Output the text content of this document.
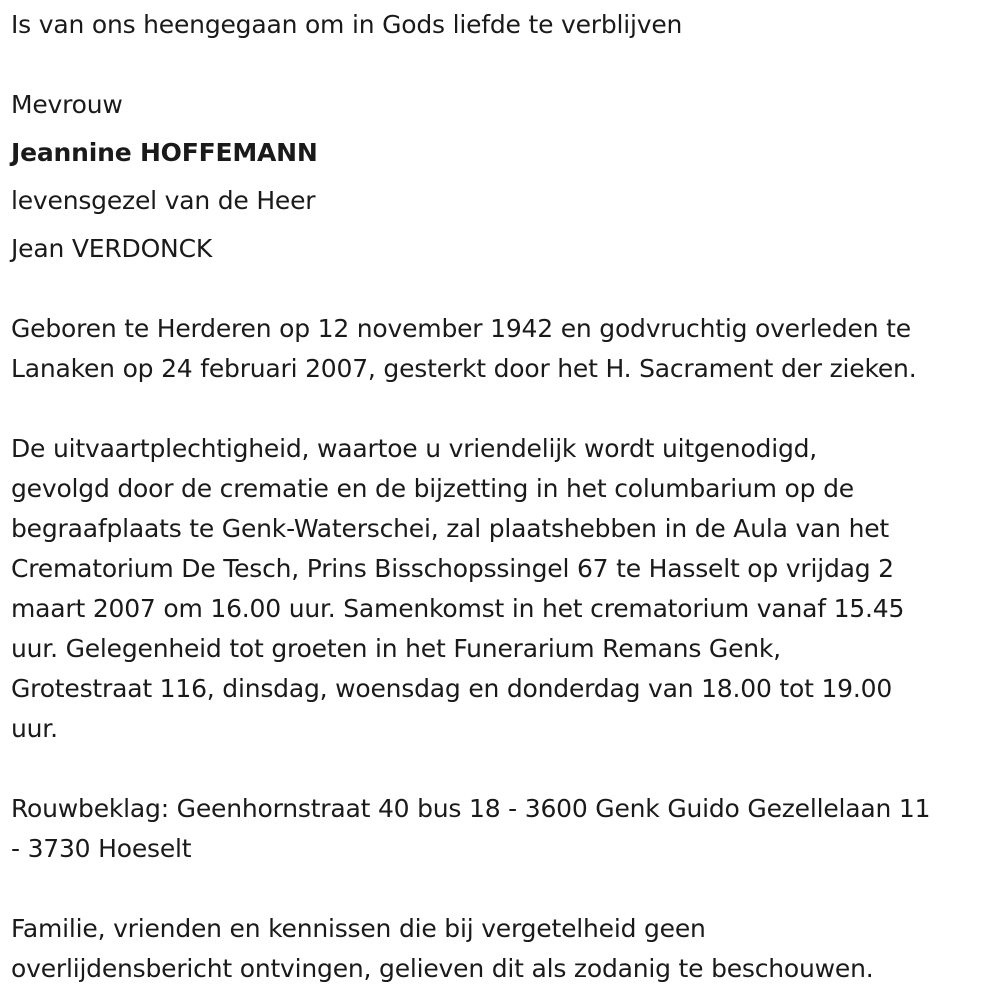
Is van ons heengegaan om in Gods liefde te verblijven
Mevrouw
Jeannine HOFFEMANN
levensgezel van de Heer
Jean VERDONCK
Geboren te Herderen op 12 november 1942 en godvruchtig overleden te
Lanaken op 24 februari 2007, gesterkt door het H. Sacrament der zieken.
De uitvaartplechtigheid, waartoe u vriendelijk wordt uitgenodigd,
gevolgd door de crematie en de bijzetting in het columbarium op de
begraafplaats te Genk-Waterschei, zal plaatshebben in de Aula van het
Crematorium De Tesch, Prins Bisschopssingel 67 te Hasselt op vrijdag 2
maart 2007 om 16.00 uur. Samenkomst in het crematorium vanaf 15.45
uur. Gelegenheid tot groeten in het Funerarium Remans Genk,
Grotestraat 116, dinsdag, woensdag en donderdag van 18.00 tot 19.00
uur.
Rouwbeklag: Geenhornstraat 40 bus 18 - 3600 Genk Guido Gezellelaan 11
- 3730 Hoeselt
Familie, vrienden en kennissen die bij vergetelheid geen
overlijdensbericht ontvingen, gelieven dit als zodanig te beschouwen.
